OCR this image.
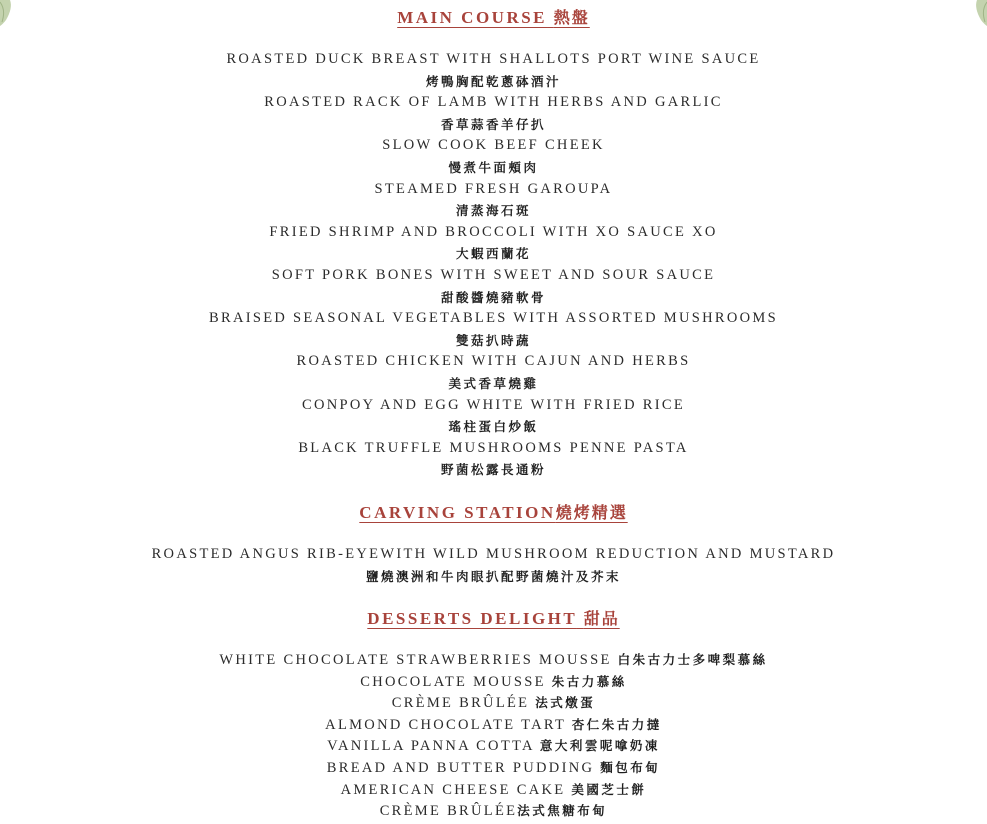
MAIN COURSE 熱盤
ROASTED DUCK BREAST WITH SHALLOTS PORT WINE SAUCE
烤鴨胸配乾蔥砵酒汁
ROASTED RACK OF LAMB WITH HERBS AND GARLIC
香草蒜香羊仔扒
SLOW COOK BEEF CHEEK
慢煮牛面頰肉
STEAMED FRESH GAROUPA
清蒸海石斑
FRIED SHRIMP AND BROCCOLI WITH XO SAUCE XO
大蝦西蘭花
SOFT PORK BONES WITH SWEET AND SOUR SAUCE
甜酸醬燒豬軟骨
BRAISED SEASONAL VEGETABLES WITH ASSORTED MUSHROOMS
雙菇扒時蔬
ROASTED CHICKEN WITH CAJUN AND HERBS
美式香草燒雞
CONPOY AND EGG WHITE WITH FRIED RICE
瑤柱蛋白炒飯
BLACK TRUFFLE MUSHROOMS PENNE PASTA
野菌松露長通粉
CARVING STATION燒烤精選
ROASTED ANGUS RIB-EYEWITH WILD MUSHROOM REDUCTION AND MUSTARD
鹽燒澳洲和牛肉眼扒配野菌燒汁及芥末
DESSERTS DELIGHT 甜品
WHITE CHOCOLATE STRAWBERRIES MOUSSE 白朱古力士多啤梨慕絲
CHOCOLATE MOUSSE 朱古力慕絲
CRÈME BRÛLÉE 法式燉蛋
ALMOND CHOCOLATE TART 杏仁朱古力撻
VANILLA PANNA COTTA 意大利雲呢嗱奶凍
BREAD AND BUTTER PUDDING 麵包布甸
AMERICAN CHEESE CAKE 美國芝士餅
CRÈME BRÛLÉE法式焦糖布甸
